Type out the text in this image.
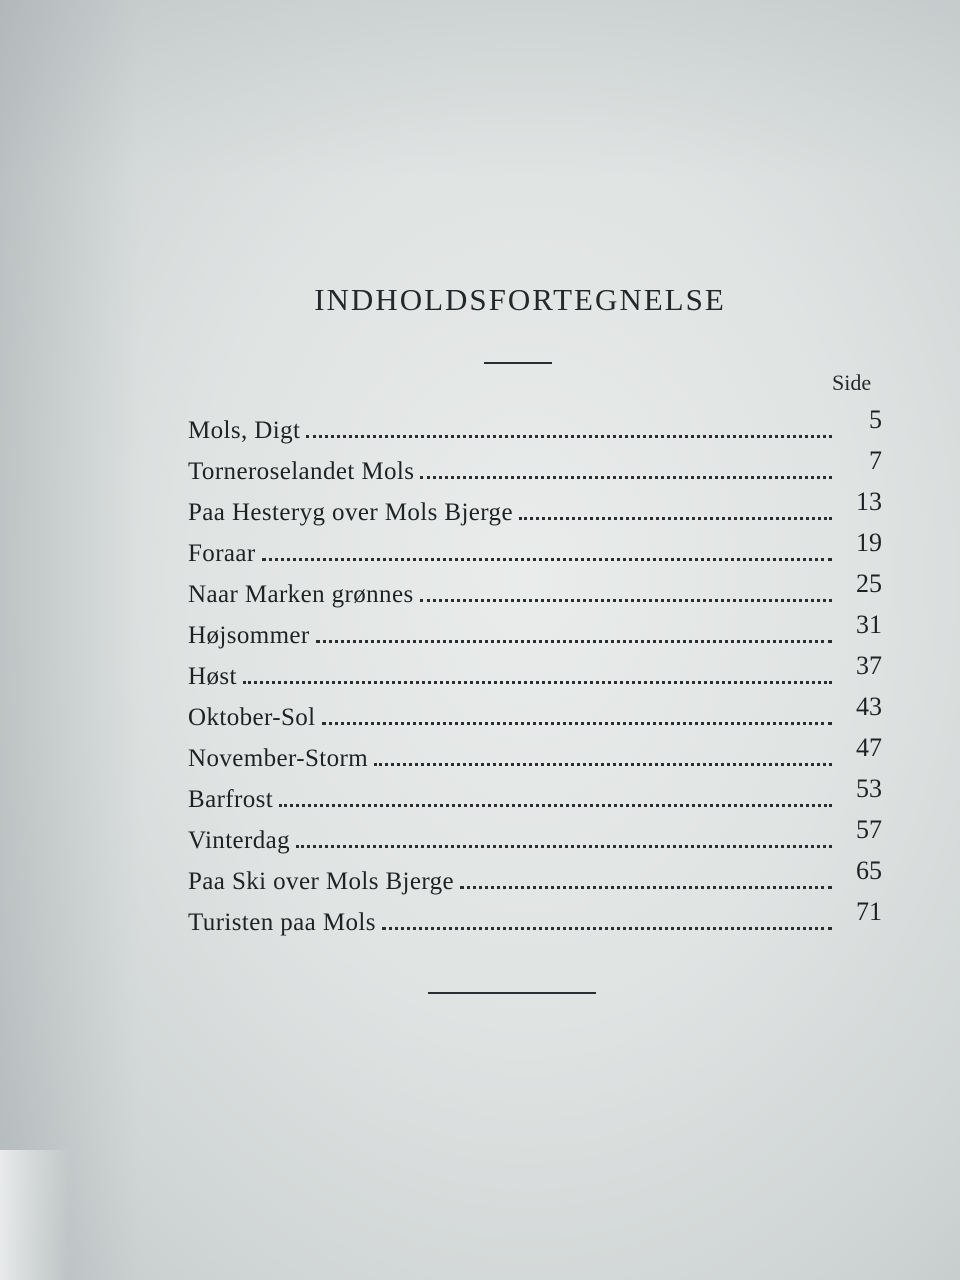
INDHOLDSFORTEGNELSE
Side
Mols, Digt	5
Torneroselandet Mols	7
Paa Hesteryg over Mols Bjerge	13
Foraar	19
Naar Marken grønnes	25
Højsommer	31
Høst	37
Oktober-Sol	43
November-Storm	47
Barfrost	53
Vinterdag	57
Paa Ski over Mols Bjerge	65
Turisten paa Mols	71
